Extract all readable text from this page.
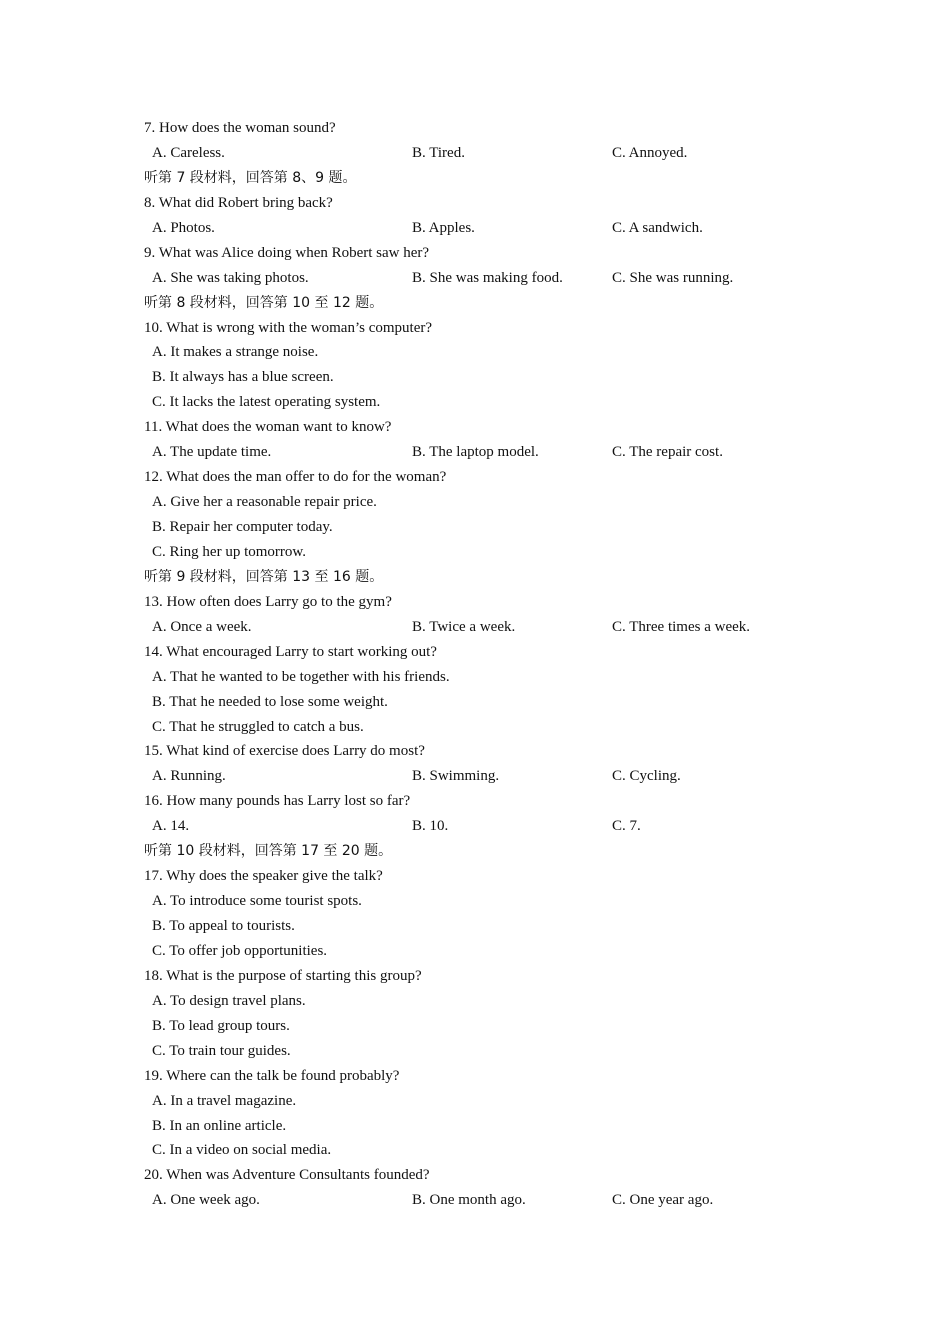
7. How does the woman sound?
A. Careless.	B. Tired.	C. Annoyed.
听第 7 段材料，回答第 8、9 题。
8. What did Robert bring back?
A. Photos.	B. Apples.	C. A sandwich.
9. What was Alice doing when Robert saw her?
A. She was taking photos.	B. She was making food.	C. She was running.
听第 8 段材料，回答第 10 至 12 题。
10. What is wrong with the woman’s computer?
A. It makes a strange noise.
B. It always has a blue screen.
C. It lacks the latest operating system.
11. What does the woman want to know?
A. The update time.	B. The laptop model.	C. The repair cost.
12. What does the man offer to do for the woman?
A. Give her a reasonable repair price.
B. Repair her computer today.
C. Ring her up tomorrow.
听第 9 段材料，回答第 13 至 16 题。
13. How often does Larry go to the gym?
A. Once a week.	B. Twice a week.	C. Three times a week.
14. What encouraged Larry to start working out?
A. That he wanted to be together with his friends.
B. That he needed to lose some weight.
C. That he struggled to catch a bus.
15. What kind of exercise does Larry do most?
A. Running.	B. Swimming.	C. Cycling.
16. How many pounds has Larry lost so far?
A. 14.	B. 10.	C. 7.
听第 10 段材料，回答第 17 至 20 题。
17. Why does the speaker give the talk?
A. To introduce some tourist spots.
B. To appeal to tourists.
C. To offer job opportunities.
18. What is the purpose of starting this group?
A. To design travel plans.
B. To lead group tours.
C. To train tour guides.
19. Where can the talk be found probably?
A. In a travel magazine.
B. In an online article.
C. In a video on social media.
20. When was Adventure Consultants founded?
A. One week ago.	B. One month ago.	C. One year ago.
